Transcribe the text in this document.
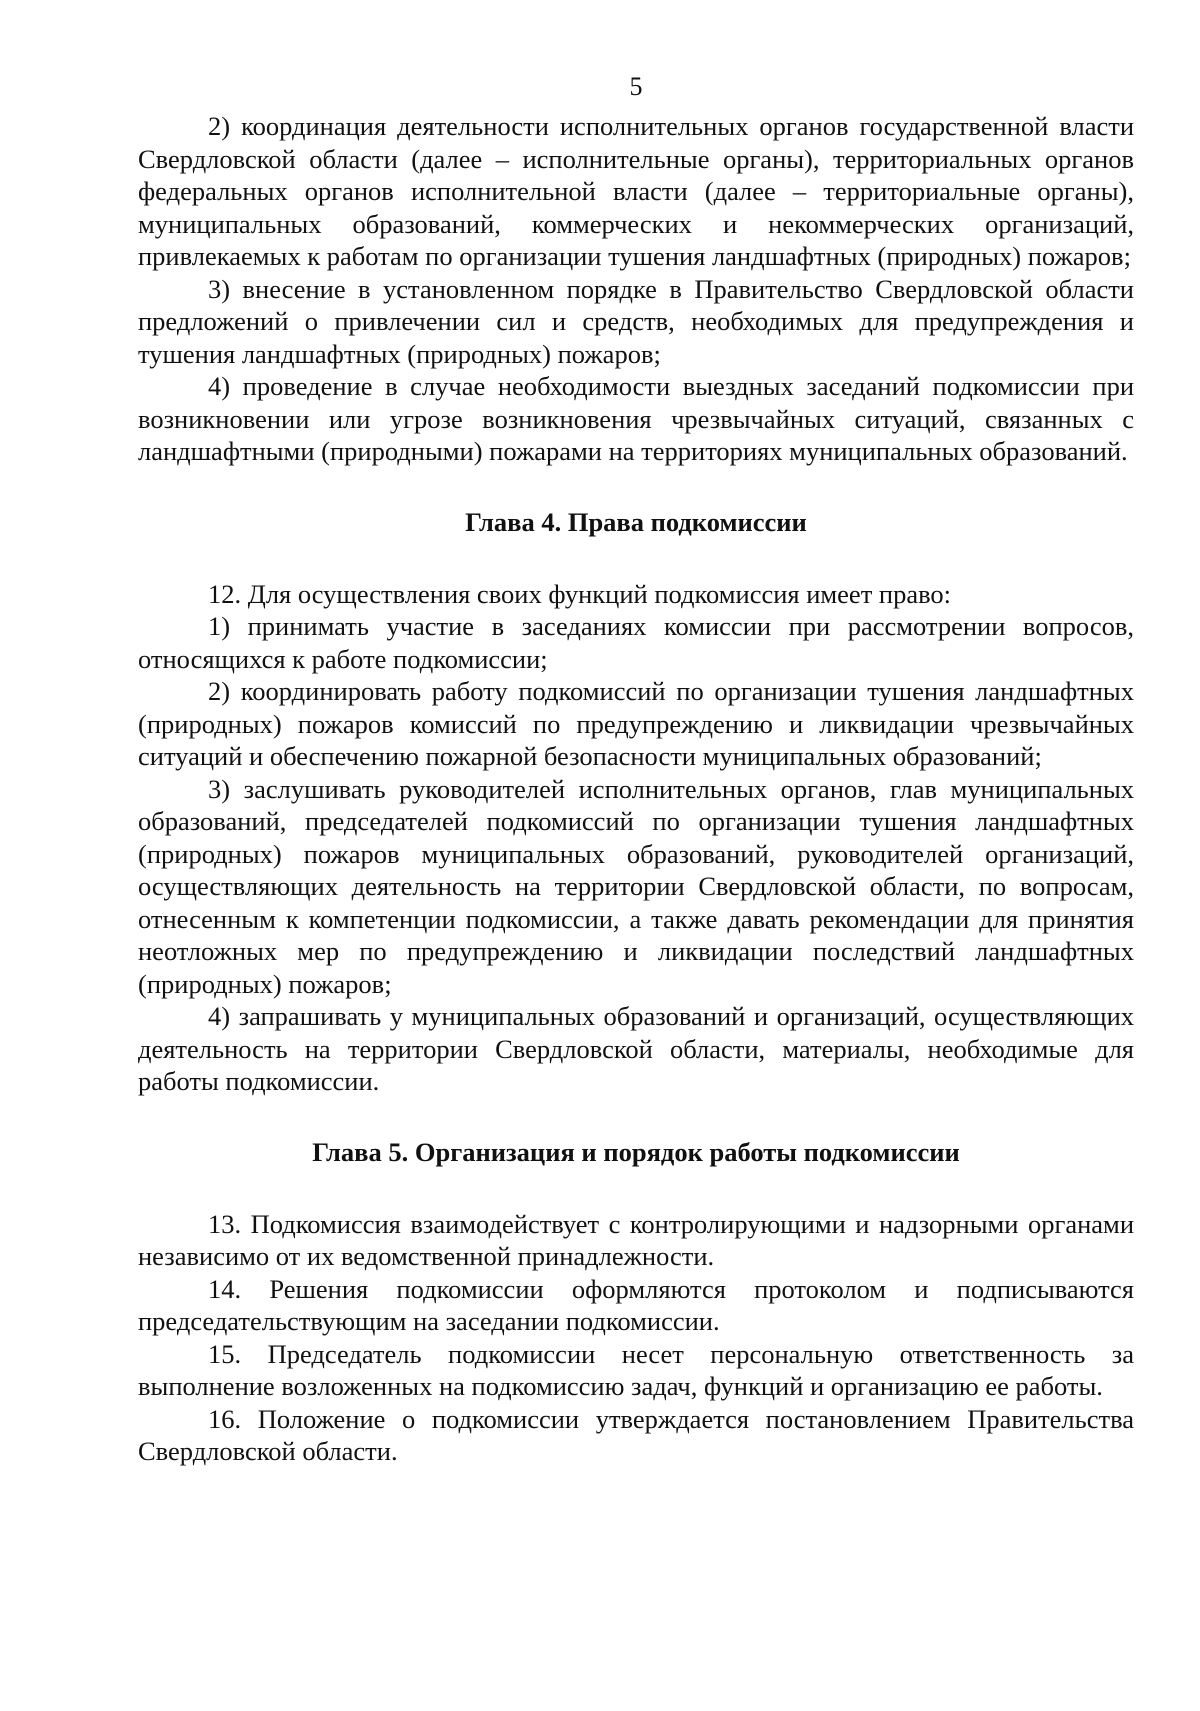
5

2) координация деятельности исполнительных органов государственной власти Свердловской области (далее – исполнительные органы), территориальных органов федеральных органов исполнительной власти (далее – территориальные органы), муниципальных образований, коммерческих и некоммерческих организаций, привлекаемых к работам по организации тушения ландшафтных (природных) пожаров;

3) внесение в установленном порядке в Правительство Свердловской области предложений о привлечении сил и средств, необходимых для предупреждения и тушения ландшафтных (природных) пожаров;

4) проведение в случае необходимости выездных заседаний подкомиссии при возникновении или угрозе возникновения чрезвычайных ситуаций, связанных с ландшафтными (природными) пожарами на территориях муниципальных образований.

Глава 4. Права подкомиссии

12. Для осуществления своих функций подкомиссия имеет право:

1) принимать участие в заседаниях комиссии при рассмотрении вопросов, относящихся к работе подкомиссии;

2) координировать работу подкомиссий по организации тушения ландшафтных (природных) пожаров комиссий по предупреждению и ликвидации чрезвычайных ситуаций и обеспечению пожарной безопасности муниципальных образований;

3) заслушивать руководителей исполнительных органов, глав муниципальных образований, председателей подкомиссий по организации тушения ландшафтных (природных) пожаров муниципальных образований, руководителей организаций, осуществляющих деятельность на территории Свердловской области, по вопросам, отнесенным к компетенции подкомиссии, а также давать рекомендации для принятия неотложных мер по предупреждению и ликвидации последствий ландшафтных (природных) пожаров;

4) запрашивать у муниципальных образований и организаций, осуществляющих деятельность на территории Свердловской области, материалы, необходимые для работы подкомиссии.

Глава 5. Организация и порядок работы подкомиссии

13. Подкомиссия взаимодействует с контролирующими и надзорными органами независимо от их ведомственной принадлежности.

14. Решения подкомиссии оформляются протоколом и подписываются председательствующим на заседании подкомиссии.

15. Председатель подкомиссии несет персональную ответственность за выполнение возложенных на подкомиссию задач, функций и организацию ее работы.

16. Положение о подкомиссии утверждается постановлением Правительства Свердловской области.
